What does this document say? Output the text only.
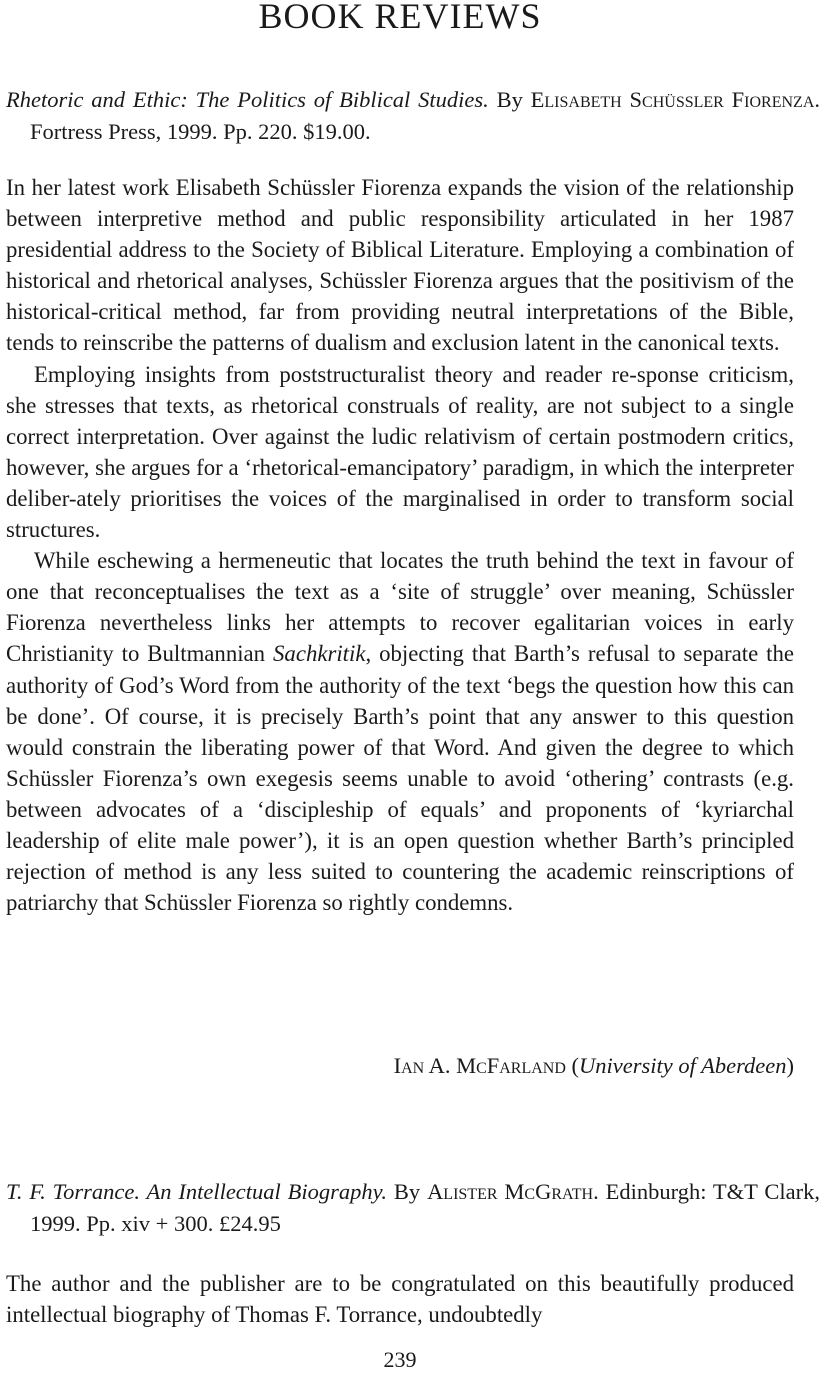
BOOK REVIEWS
Rhetoric and Ethic: The Politics of Biblical Studies. By Elisabeth Schüssler Fiorenza. Fortress Press, 1999. Pp. 220. $19.00.

In her latest work Elisabeth Schüssler Fiorenza expands the vision of the relationship between interpretive method and public responsibility articulated in her 1987 presidential address to the Society of Biblical Literature. Employing a combination of historical and rhetorical analyses, Schüssler Fiorenza argues that the positivism of the historical-critical method, far from providing neutral interpretations of the Bible, tends to reinscribe the patterns of dualism and exclusion latent in the canonical texts.

Employing insights from poststructuralist theory and reader re-sponse criticism, she stresses that texts, as rhetorical construals of reality, are not subject to a single correct interpretation. Over against the ludic relativism of certain postmodern critics, however, she argues for a ‘rhetorical-emancipatory’ paradigm, in which the interpreter deliber-ately prioritises the voices of the marginalised in order to transform social structures.

While eschewing a hermeneutic that locates the truth behind the text in favour of one that reconceptualises the text as a ‘site of struggle’ over meaning, Schüssler Fiorenza nevertheless links her attempts to recover egalitarian voices in early Christianity to Bultmannian Sachkritik, objecting that Barth’s refusal to separate the authority of God’s Word from the authority of the text ‘begs the question how this can be done’. Of course, it is precisely Barth’s point that any answer to this question would constrain the liberating power of that Word. And given the degree to which Schüssler Fiorenza’s own exegesis seems unable to avoid ‘othering’ contrasts (e.g. between advocates of a ‘discipleship of equals’ and proponents of ‘kyriarchal leadership of elite male power’), it is an open question whether Barth’s principled rejection of method is any less suited to countering the academic reinscriptions of patriarchy that Schüssler Fiorenza so rightly condemns.

Ian A. McFarland (University of Aberdeen)
T. F. Torrance. An Intellectual Biography. By Alister McGrath. Edinburgh: T&T Clark, 1999. Pp. xiv + 300. £24.95

The author and the publisher are to be congratulated on this beautifully produced intellectual biography of Thomas F. Torrance, undoubtedly

239
